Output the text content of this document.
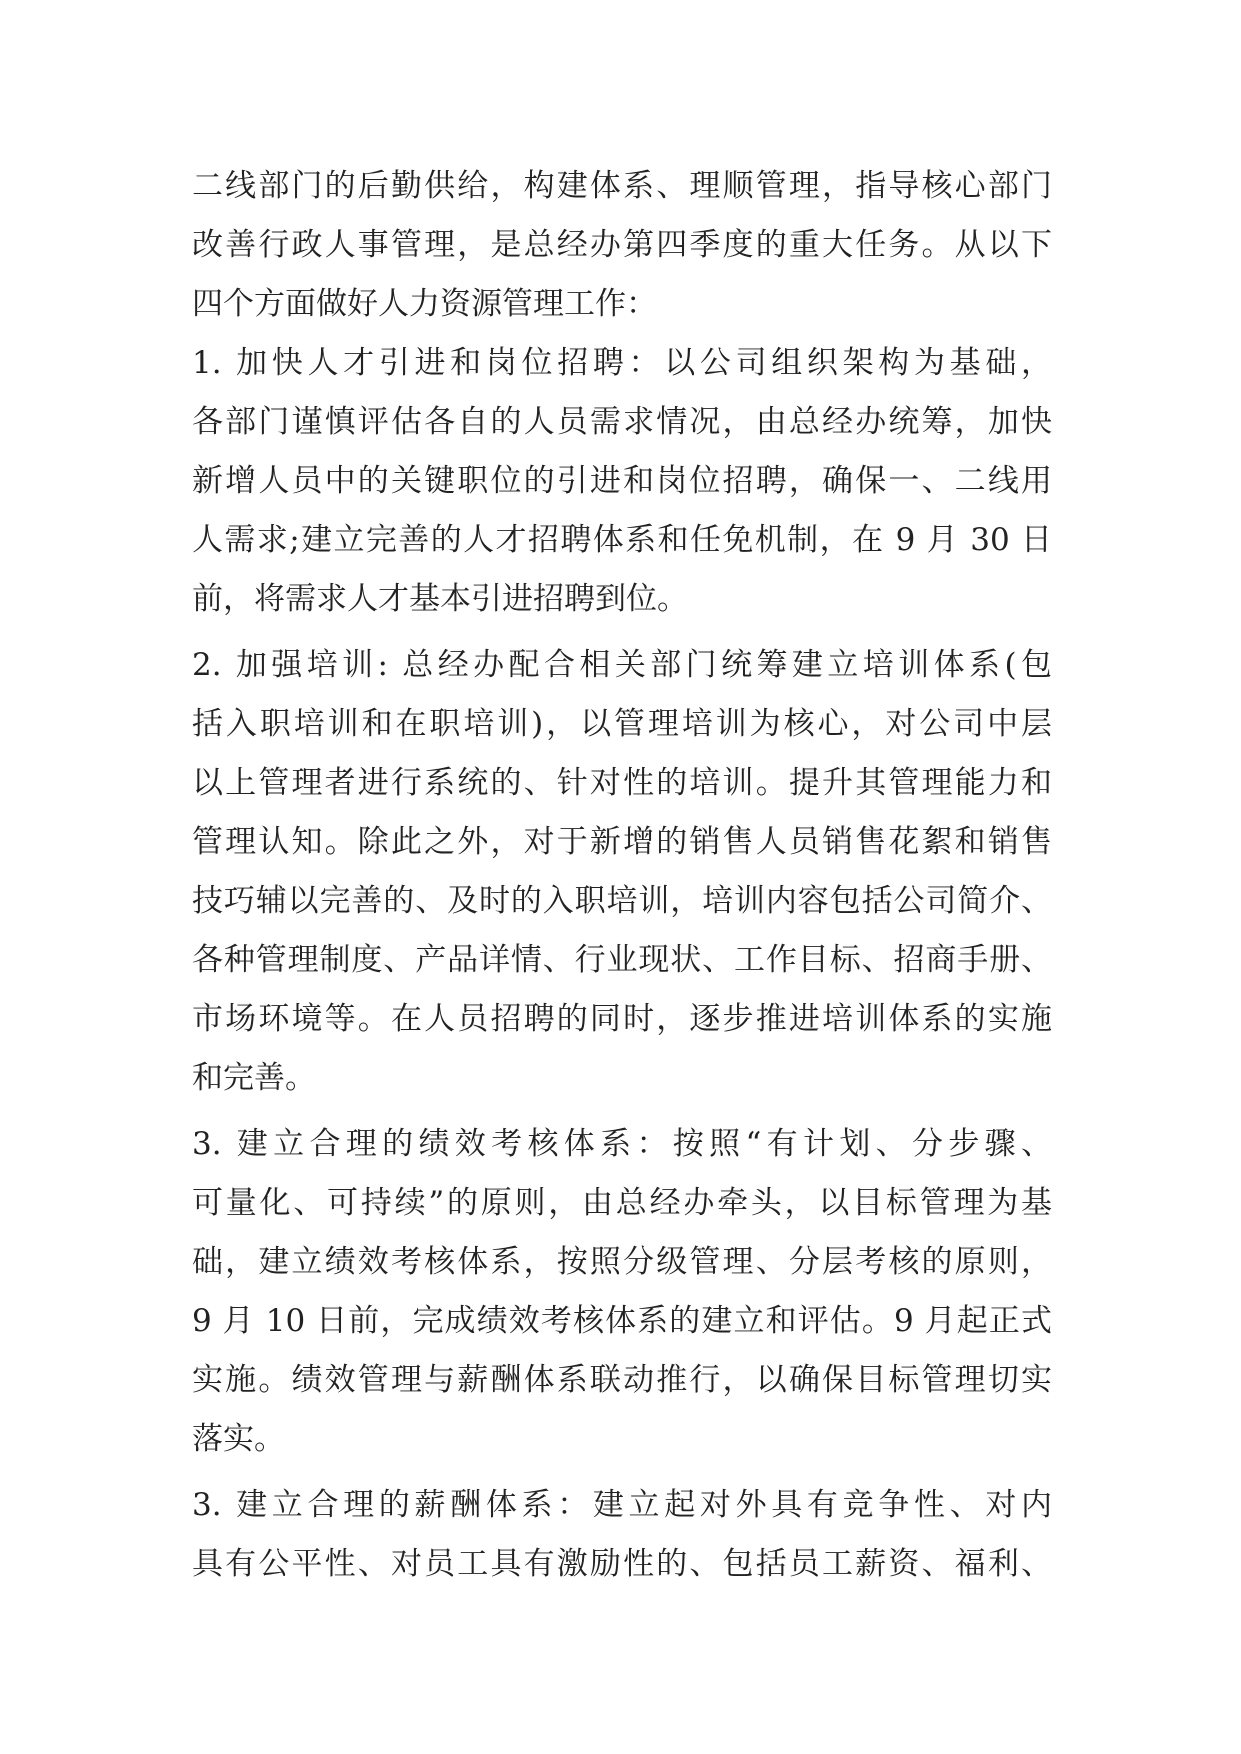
二线部门的后勤供给，构建体系、理顺管理，指导核心部门
改善行政人事管理，是总经办第四季度的重大任务。从以下
四个方面做好人力资源管理工作：
1. 加快人才引进和岗位招聘：以公司组织架构为基础，
各部门谨慎评估各自的人员需求情况，由总经办统筹，加快
新增人员中的关键职位的引进和岗位招聘，确保一、二线用
人需求;建立完善的人才招聘体系和任免机制，在 9 月 30 日
前，将需求人才基本引进招聘到位。
2. 加强培训: 总经办配合相关部门统筹建立培训体系(包
括入职培训和在职培训)，以管理培训为核心，对公司中层
以上管理者进行系统的、针对性的培训。提升其管理能力和
管理认知。除此之外，对于新增的销售人员销售花絮和销售
技巧辅以完善的、及时的入职培训，培训内容包括公司简介、
各种管理制度、产品详情、行业现状、工作目标、招商手册、
市场环境等。在人员招聘的同时，逐步推进培训体系的实施
和完善。
3. 建立合理的绩效考核体系：按照“有计划、分步骤、
可量化、可持续”的原则，由总经办牵头，以目标管理为基
础，建立绩效考核体系，按照分级管理、分层考核的原则，
9 月 10 日前，完成绩效考核体系的建立和评估。9 月起正式
实施。绩效管理与薪酬体系联动推行，以确保目标管理切实
落实。
3. 建立合理的薪酬体系：建立起对外具有竞争性、对内
具有公平性、对员工具有激励性的、包括员工薪资、福利、
